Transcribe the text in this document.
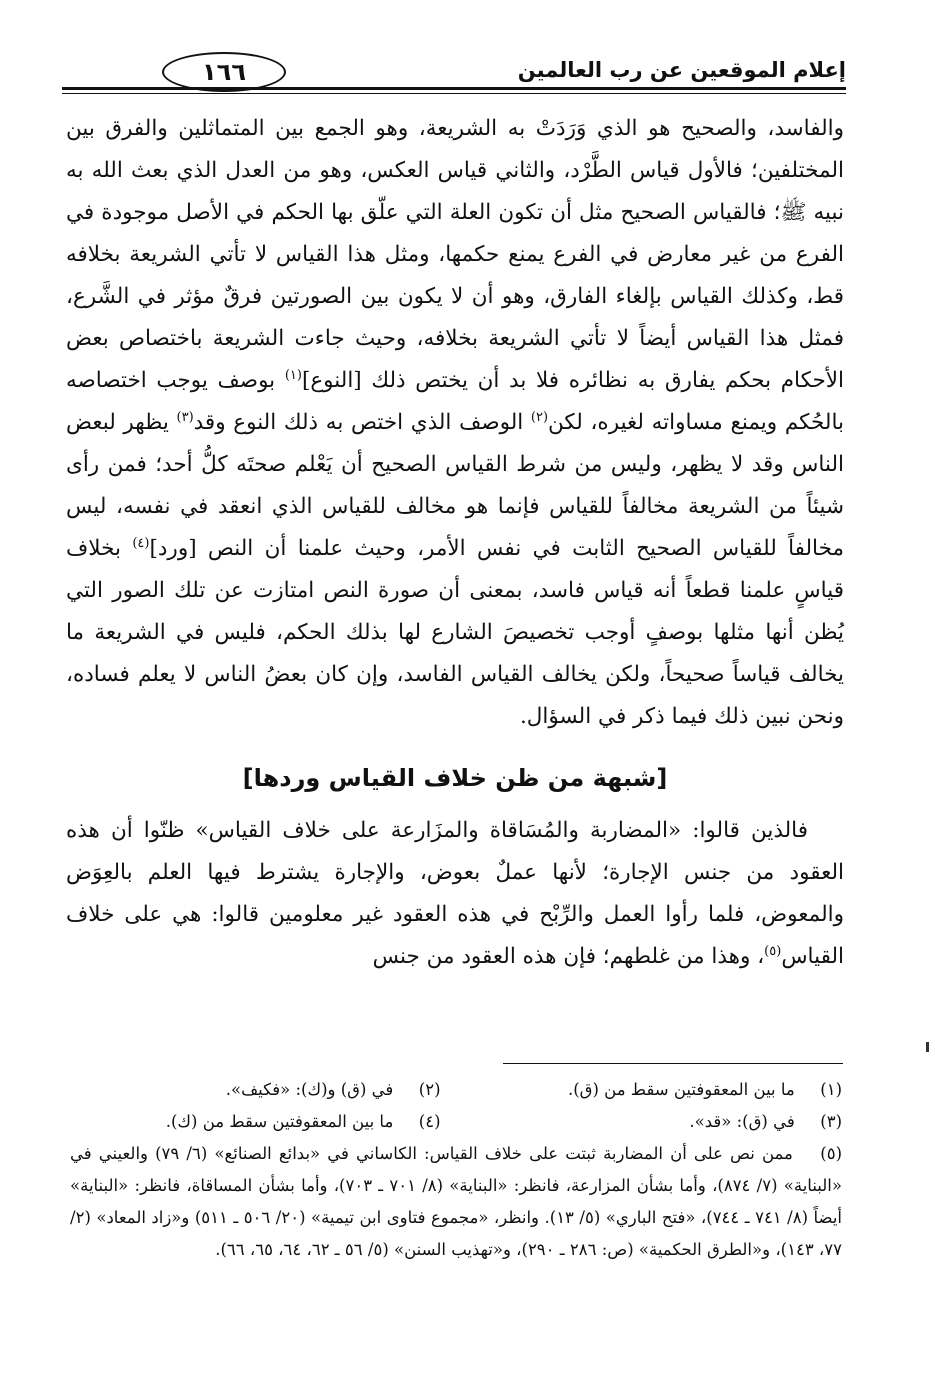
إعلام الموقعين عن رب العالمين
١٦٦

والفاسد، والصحيح هو الذي وَرَدَتْ به الشريعة، وهو الجمع بين المتماثلين والفرق بين المختلفين؛ فالأول قياس الطَّرْد، والثاني قياس العكس، وهو من العدل الذي بعث الله به نبيه ﷺ؛ فالقياس الصحيح مثل أن تكون العلة التي علّق بها الحكم في الأصل موجودة في الفرع من غير معارض في الفرع يمنع حكمها، ومثل هذا القياس لا تأتي الشريعة بخلافه قط، وكذلك القياس بإلغاء الفارق، وهو أن لا يكون بين الصورتين فرقٌ مؤثر في الشَّرع، فمثل هذا القياس أيضاً لا تأتي الشريعة بخلافه، وحيث جاءت الشريعة باختصاص بعض الأحكام بحكم يفارق به نظائره فلا بد أن يختص ذلك [النوع]$^{(١)}$ بوصف يوجب اختصاصه بالحُكم ويمنع مساواته لغيره، لكن$^{(٢)}$ الوصف الذي اختص به ذلك النوع وقد$^{(٣)}$ يظهر لبعض الناس وقد لا يظهر، وليس من شرط القياس الصحيح أن يَعْلم صحتَه كلُّ أحد؛ فمن رأى شيئاً من الشريعة مخالفاً للقياس فإنما هو مخالف للقياس الذي انعقد في نفسه، ليس مخالفاً للقياس الصحيح الثابت في نفس الأمر، وحيث علمنا أن النص [ورد]$^{(٤)}$ بخلاف قياسٍ علمنا قطعاً أنه قياس فاسد، بمعنى أن صورة النص امتازت عن تلك الصور التي يُظن أنها مثلها بوصفٍ أوجب تخصيصَ الشارع لها بذلك الحكم، فليس في الشريعة ما يخالف قياساً صحيحاً، ولكن يخالف القياس الفاسد، وإن كان بعضُ الناس لا يعلم فساده، ونحن نبين ذلك فيما ذكر في السؤال.

[شبهة من ظن خلاف القياس وردها]

فالذين قالوا: «المضاربة والمُسَاقاة والمزَارعة على خلاف القياس» ظنّوا أن هذه العقود من جنس الإجارة؛ لأنها عملٌ بعوض، والإجارة يشترط فيها العلم بالعِوَض والمعوض، فلما رأوا العمل والرِّبْح في هذه العقود غير معلومين قالوا: هي على خلاف القياس$^{(٥)}$، وهذا من غلطهم؛ فإن هذه العقود من جنس

(١) ما بين المعقوفتين سقط من (ق).
(٢) في (ق) و(ك): «فكيف».
(٣) في (ق): «قد».
(٤) ما بين المعقوفتين سقط من (ك).
(٥) ممن نص على أن المضاربة ثبتت على خلاف القياس: الكاساني في «بدائع الصنائع» (٦/ ٧٩) والعيني في «البناية» (٧/ ٨٧٤)، وأما بشأن المزارعة، فانظر: «البناية» (٨/ ٧٠١ ـ ٧٠٣)، وأما بشأن المساقاة، فانظر: «البناية» أيضاً (٨/ ٧٤١ ـ ٧٤٤)، «فتح الباري» (٥/ ١٣). وانظر، «مجموع فتاوى ابن تيمية» (٢٠/ ٥٠٦ ـ ٥١١) و«زاد المعاد» (٢/ ٧٧، ١٤٣)، و«الطرق الحكمية» (ص: ٢٨٦ ـ ٢٩٠)، و«تهذيب السنن» (٥/ ٥٦ ـ ٦٢، ٦٤، ٦٥، ٦٦).
